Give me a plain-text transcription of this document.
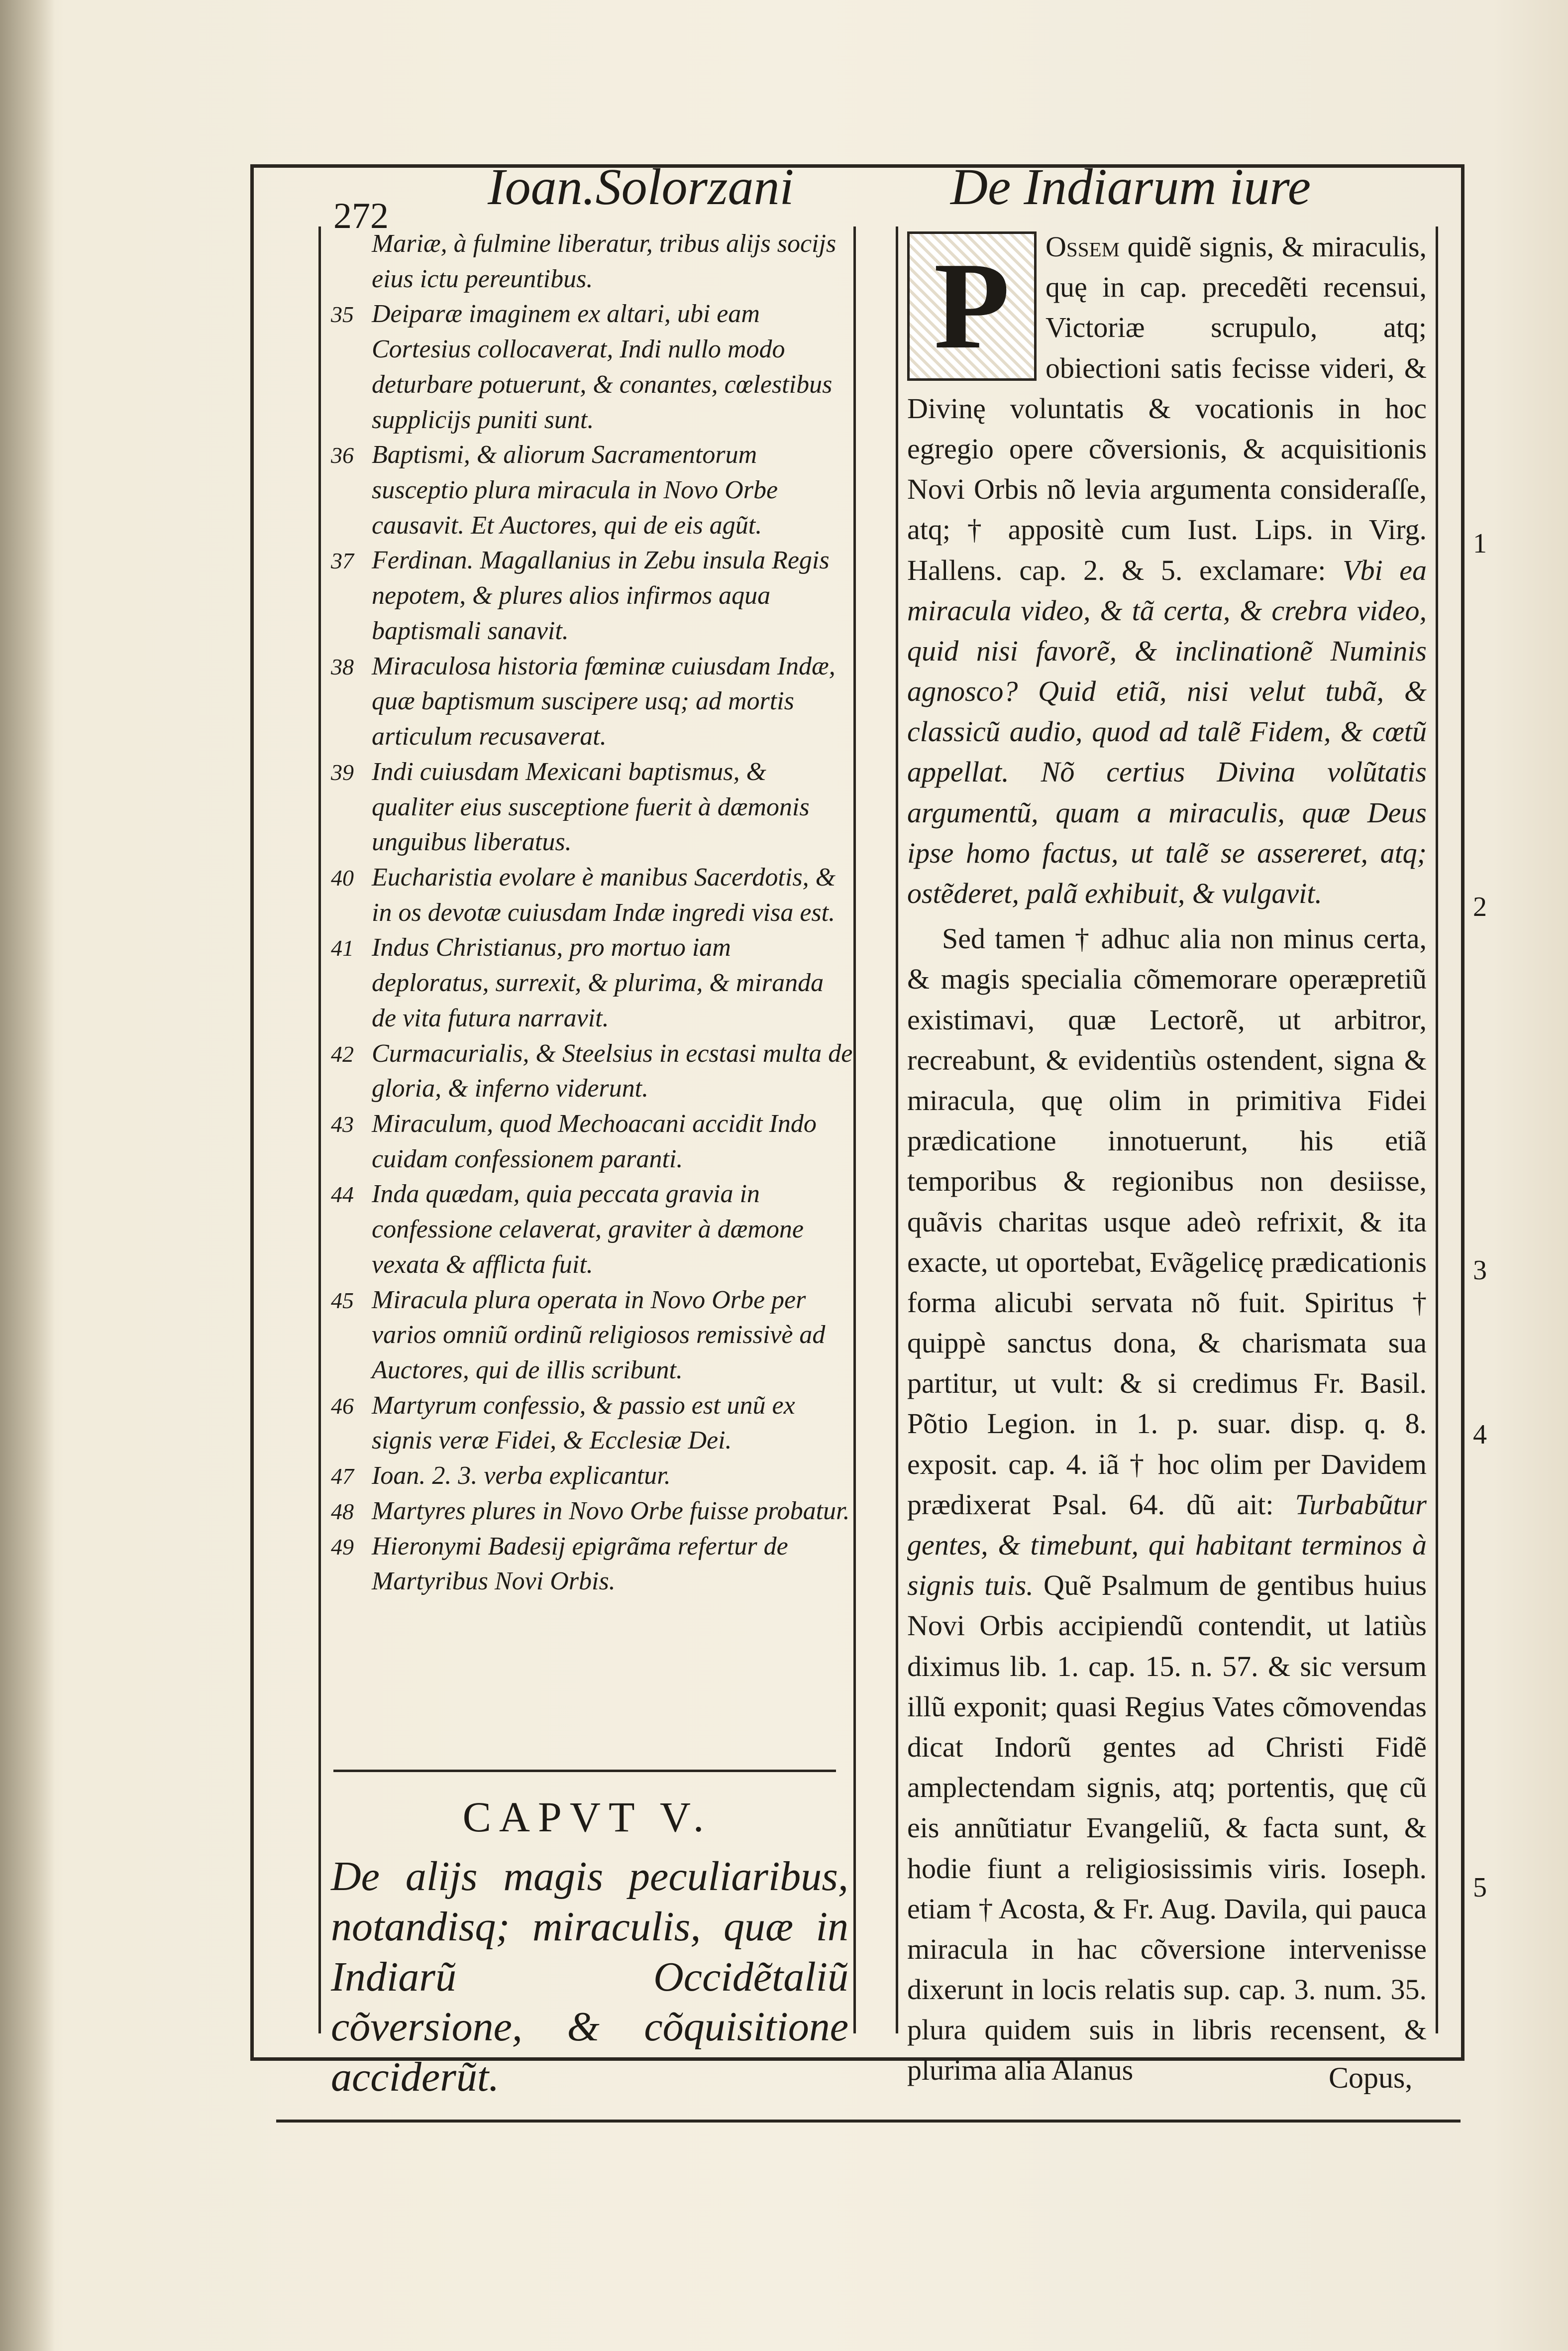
272
Ioan.Solorzani	De Indiarum iure
Mariæ, à fulmine liberatur, tribus alijs socijs eius ictu pereuntibus.
35 Deiparæ imaginem ex altari, ubi eam Cortesius collocaverat, Indi nullo modo deturbare potuerunt, & conantes, cœlestibus supplicijs puniti sunt.
36 Baptismi, & aliorum Sacramentorum susceptio plura miracula in Novo Orbe causavit. Et Auctores, qui de eis agũt.
37 Ferdinan. Magallanius in Zebu insula Regis nepotem, & plures alios infirmos aqua baptismali sanavit.
38 Miraculosa historia fœminæ cuiusdam Indæ, quæ baptismum suscipere usq; ad mortis articulum recusaverat.
39 Indi cuiusdam Mexicani baptismus, & qualiter eius susceptione fuerit à dæmonis unguibus liberatus.
40 Eucharistia evolare è manibus Sacerdotis, & in os devotæ cuiusdam Indæ ingredi visa est.
41 Indus Christianus, pro mortuo iam deploratus, surrexit, & plurima, & miranda de vita futura narravit.
42 Curmacurialis, & Steelsius in ecstasi multa de gloria, & inferno viderunt.
43 Miraculum, quod Mechoacani accidit Indo cuidam confessionem paranti.
44 Inda quædam, quia peccata gravia in confessione celaverat, graviter à dæmone vexata & afflicta fuit.
45 Miracula plura operata in Novo Orbe per varios omniũ ordinũ religiosos remissivè ad Auctores, qui de illis scribunt.
46 Martyrum confessio, & passio est unũ ex signis veræ Fidei, & Ecclesiæ Dei.
47 Ioan. 2. 3. verba explicantur.
48 Martyres plures in Novo Orbe fuisse probatur.
49 Hieronymi Badesij epigrãma refertur de Martyribus Novi Orbis.
CAPVT V.
De alijs magis peculiaribus, notandisq; miraculis, quæ in Indiarũ Occidẽtaliũ cõversione, & cõquisitione acciderũt.
P	Ossem quidẽ signis, & miraculis, quę in cap. precedẽti recensui, Victoriæ scrupulo, atq; obiectioni satis fecisse videri, & Divinę voluntatis & vocationis in hoc egregio opere cõversionis, & acquisitionis Novi Orbis nõ levia argumenta consideraſſe, atq; † appositè cum Iust. Lips. in Virg. Hallens. cap. 2. & 5. exclamare: Vbi ea miracula video, & tã certa, & crebra video, quid nisi favorẽ, & inclinationẽ Numinis agnosco? Quid etiã, nisi velut tubã, & classicũ audio, quod ad talẽ Fidem, & cœtũ appellat. Nõ certius Divina volũtatis argumentũ, quam a miraculis, quæ Deus ipse homo factus, ut talẽ se assereret, atq; ostẽderet, palã exhibuit, & vulgavit.
Sed tamen † adhuc alia non minus certa, & magis specialia cõmemorare operæpretiũ existimavi, quæ Lectorẽ, ut arbitror, recreabunt, & evidentiùs ostendent, signa & miracula, quę olim in primitiva Fidei prædicatione innotuerunt, his etiã temporibus & regionibus non desiisse, quãvis charitas usque adeò refrixit, & ita exacte, ut oportebat, Evãgelicę prædicationis forma alicubi servata nõ fuit. Spiritus † quippè sanctus dona, & charismata sua partitur, ut vult: & si credimus Fr. Basil. Põtio Legion. in 1. p. suar. disp. q. 8. exposit. cap. 4. iã † hoc olim per Davidem prædixerat Psal. 64. dũ ait: Turbabũtur gentes, & timebunt, qui habitant terminos à signis tuis. Quẽ Psalmum de gentibus huius Novi Orbis accipiendũ contendit, ut latiùs diximus lib. 1. cap. 15. n. 57. & sic versum illũ exponit; quasi Regius Vates cõmovendas dicat Indorũ gentes ad Christi Fidẽ amplectendam signis, atq; portentis, quę cũ eis annũtiatur Evangeliũ, & facta sunt, & hodie fiunt a religiosissimis viris. Ioseph. etiam † Acosta, & Fr. Aug. Davila, qui pauca miracula in hac cõversione intervenisse dixerunt in locis relatis sup. cap. 3. num. 35. plura quidem suis in libris recensent, & plurima alia Alanus
1
2
3
4
5
Copus,
